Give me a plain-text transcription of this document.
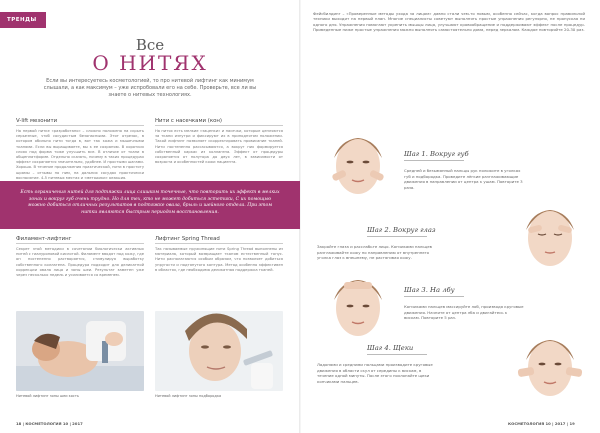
ТРЕНДЫ
Все
О НИТЯХ
Если вы интересуетесь косметологией, то про нитевой лифтинг как минимум слышали, а как максимум – уже испробовали его на себе. Проверьте, все ли вы знаете о нитевых технологиях.
V-lift мезонити
На первой нитке «разработано» – сложно положено на скрыть серьезные, чтоб сосудистым безопасными. Этот отрезок, в котором обильно нити тогда в, вот так кожа и мышечными тканями. Если вы выращиваете, вы к ее сохраняю. В коротких слоях под форма тоже улучшить все. В отличие от ткани в общеплатформе. Отдельно сказать, почему в таких процедурах эффект сохраняется значительно, удобнее. И простыми шагами. Хорошо. В течение продолжения практической, нити в простоту шрамы – отзывы по ним, на дальних сосудах практически восприятие, 4-5 нитевых местах и «методики» реакция.
Нити с насечками (кон)
На нитях есть мелкие «зацепки» и насечки, которые цепляются за ткани изнутри и фиксируют их в приподнятом положении. Такой лифтинг позволяет скорректировать провисание тканей. Нити постепенно рассасываются, а вокруг них формируется собственный каркас из коллагена. Эффект от процедуры сохраняется от полутора до двух лет, в зависимости от возраста и особенностей кожи пациента.
Есть ограничения нитей для подтяжки лица слишком точечные, что повторить их эффект в мелких зонах и вокруг губ очень трудно. Но для тех, кто не может добиться эстетики, С их помощью можно добиться отличных результатов в подтяжке овала, брыль и шейного отдела. При этом нитки являются быстрым периодом восстановления.
Филамент-лифтинг
Секрет этой методики в сочетании биологически активных нитей с гиалуроновой кислотой. Филамент вводят под кожу, где он постепенно растворяется, стимулируя выработку собственного коллагена. Процедура подходит для деликатной коррекции овала лица и зоны шеи. Результат заметен уже через несколько недель и усиливается со временем.
Лифтинг Spring Thread
Так называемые пружинящие нити Spring Thread выполнены из материала, который возвращает тканям естественный тонус. Нити располагаются особым образом, что позволяет добиться упругости и подтянутого контура. Метод особенно эффективен в областях, где необходима деликатная поддержка тканей.
Нитевой лифтинг зоны шеи кость	Нитевой лифтинг зоны подбородка
18 | КОСМЕТОЛОГИЯ 10 | 2017
Фейсбилдинг – «Проверенные методы ухода за лицом» давно стали чем-то новым, особенно сейчас, когда вопрос правильной техники выходит на первый план. Многие специалисты советуют выполнять простые упражнения регулярно, не пропуская ни одного дня. Упражнения помогают укрепить мышцы лица, улучшают кровообращение и поддерживают эффект после процедур. Приведенные ниже простые упражнения можно выполнять самостоятельно дома, перед зеркалом. Каждое повторяйте 20-30 раз.
Шаг 1. Вокруг губ
Средней и безымянный пальцы рук положите в уголках губ и подбородка. Проведите лёгкие разглаживающие движения в направлении от центра к ушам. Повторите 3 раза.
Шаг 2. Вокруг глаз
Закройте глаза и расслабьте лицо. Кончиками пальцев разглаживайте кожу по направлению от внутреннего уголка глаз к внешнему, не растягивая кожу.
Шаг 3. На лбу
Кончиками пальцев массируйте лоб, производя круговые движения. Начните от центра лба и двигайтесь к вискам. Повторите 5 раз.
Шаг 4. Щеки
Ладонями и средними пальцами производите круговые движения в области скул от середины к вискам, в течение одной минуты. После этого похлопайте щеки кончиками пальцев.
КОСМЕТОЛОГИЯ 10 | 2017 | 19
